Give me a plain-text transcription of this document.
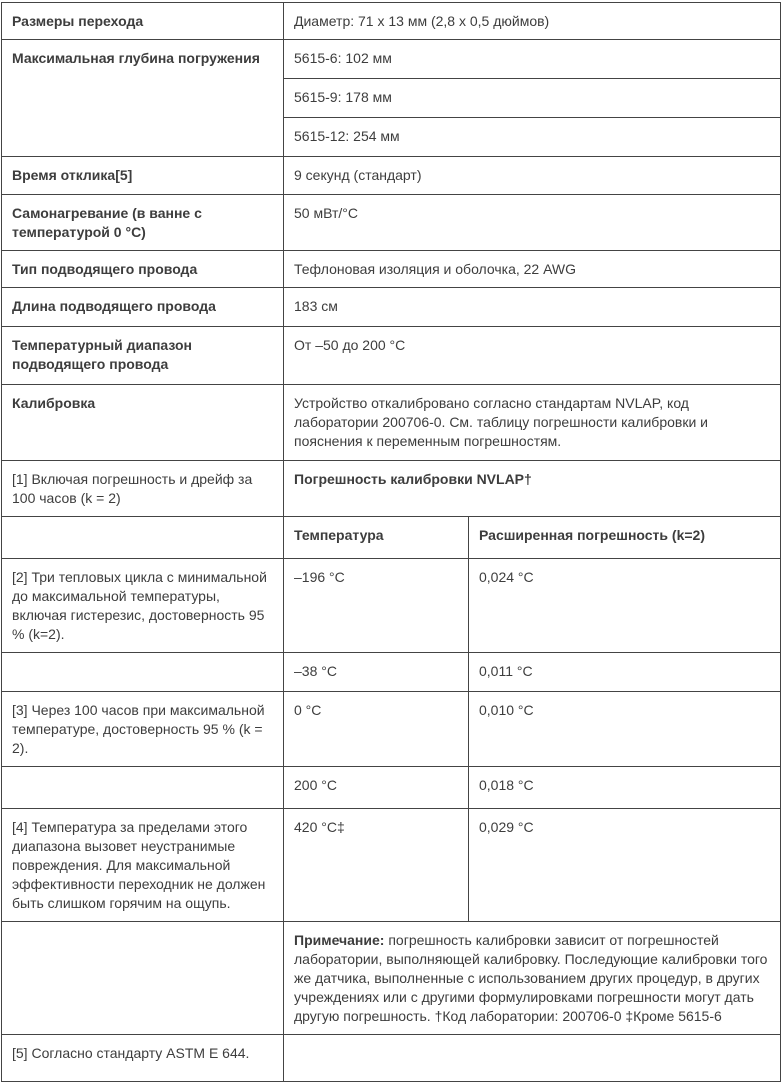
Размеры перехода	Диаметр: 71 x 13 мм (2,8 x 0,5 дюймов)	
Максимальная глубина погружения	5615-6: 102 мм	
	5615-9: 178 мм	
	5615-12: 254 мм	
Время отклика[5]	9 секунд (стандарт)	
Самонагревание (в ванне с температурой 0 °C)	50 мВт/°C	
Тип подводящего провода	Тефлоновая изоляция и оболочка, 22 AWG	
Длина подводящего провода	183 см	
Температурный диапазон подводящего провода	От –50 до 200 °C	
Калибровка	Устройство откалибровано согласно стандартам NVLAP, код лаборатории 200706-0. См. таблицу погрешности калибровки и пояснения к переменным погрешностям.	
[1] Включая погрешность и дрейф за 100 часов (k = 2)	Погрешность калибровки NVLAP†	
	Температура	Расширенная погрешность (k=2)
[2] Три тепловых цикла с минимальной до максимальной температуры, включая гистерезис, достоверность 95 % (k=2).	–196 °C	0,024 °C
	–38 °C	0,011 °C
[3] Через 100 часов при максимальной температуре, достоверность 95 % (k = 2).	0 °C	0,010 °C
	200 °C	0,018 °C
[4] Температура за пределами этого диапазона вызовет неустранимые повреждения. Для максимальной эффективности переходник не должен быть слишком горячим на ощупь.	420 °C‡	0,029 °C
	Примечание: погрешность калибровки зависит от погрешностей лаборатории, выполняющей калибровку. Последующие калибровки того же датчика, выполненные с использованием других процедур, в других учреждениях или с другими формулировками погрешности могут дать другую погрешность. †Код лаборатории: 200706-0 ‡Кроме 5615-6	
[5] Согласно стандарту ASTM E 644.		
